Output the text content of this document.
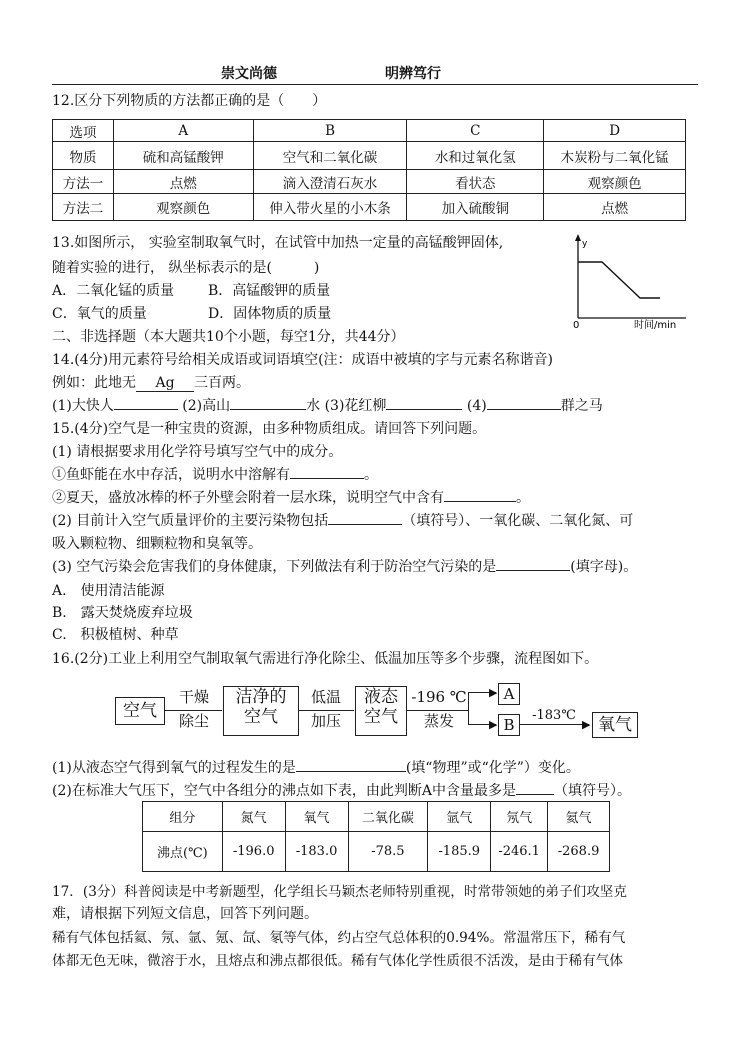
崇文尚德	明辨笃行
12.区分下列物质的方法都正确的是（　　）
选项	A	B	C	D
物质	硫和高锰酸钾	空气和二氧化碳	水和过氧化氢	木炭粉与二氧化锰
方法一	点燃	滴入澄清石灰水	看状态	观察颜色
方法二	观察颜色	伸入带火星的小木条	加入硫酸铜	点燃
13.如图所示， 实验室制取氧气时，在试管中加热一定量的高锰酸钾固体,
随着实验的进行， 纵坐标表示的是(　　　)
A．二氧化锰的质量 B．高锰酸钾的质量
C．氧气的质量	D．固体物质的质量
y
0	时间/min
二、非选择题（本大题共10个小题，每空1分，共44分）
14.(4分)用元素符号给相关成语或词语填空(注：成语中被填的字与元素名称谐音)
例如：此地无 Ag 三百两。
(1)大快人	(2)高山	水 (3)花红柳	(4)	群之马
15.(4分)空气是一种宝贵的资源，由多种物质组成。请回答下列问题。
(1) 请根据要求用化学符号填写空气中的成分。
①鱼虾能在水中存活，说明水中溶解有	。
②夏天，盛放冰棒的杯子外壁会附着一层水珠，说明空气中含有	。
(2) 目前计入空气质量评价的主要污染物包括	（填符号）、一氧化碳、二氧化氮、可
吸入颗粒物、细颗粒物和臭氧等。
(3) 空气污染会危害我们的身体健康，下列做法有利于防治空气污染的是	(填字母)。
A.　使用清洁能源
B.　露天焚烧废弃垃圾
C.　积极植树、种草
16.(2分)工业上利用空气制取氧气需进行净化除尘、低温加压等多个步骤，流程图如下。
空气
干燥
除尘
洁净的
空气
低温
加压
液态
空气
-196 ℃
蒸发
▶
▶
A
B	▶
-183℃	氧气
(1)从液态空气得到氧气的过程发生的是	(填“物理”或“化学”）变化。
(2)在标准大气压下，空气中各组分的沸点如下表，由此判断A中含量最多是	（填符号）。
组分	氮气	氧气	二氧化碳	氩气	氖气	氦气
沸点(℃)	-196.0	-183.0	-78.5	-185.9	-246.1	-268.9
17．(3分）科普阅读是中考新题型，化学组长马颖杰老师特别重视，时常带领她的弟子们攻坚克
难，请根据下列短文信息，回答下列问题。
稀有气体包括氦、氖、氩、氪、氙、氡等气体，约占空气总体积的0.94%。常温常压下，稀有气
体都无色无味，微溶于水，且熔点和沸点都很低。稀有气体化学性质很不活泼，是由于稀有气体
